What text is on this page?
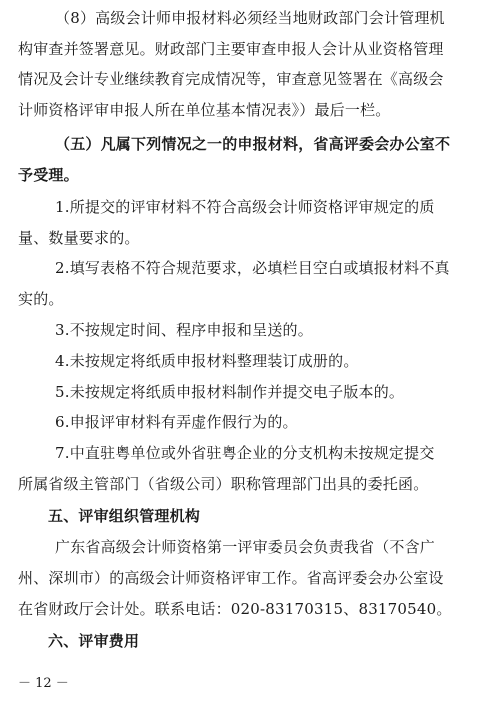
（8）高级会计师申报材料必须经当地财政部门会计管理机
构审查并签署意见。财政部门主要审查申报人会计从业资格管理
情况及会计专业继续教育完成情况等，审查意见签署在《高级会
计师资格评审申报人所在单位基本情况表》）最后一栏。
（五）凡属下列情况之一的申报材料，省高评委会办公室不
予受理。
1.所提交的评审材料不符合高级会计师资格评审规定的质
量、数量要求的。
2.填写表格不符合规范要求，必填栏目空白或填报材料不真
实的。
3.不按规定时间、程序申报和呈送的。
4.未按规定将纸质申报材料整理装订成册的。
5.未按规定将纸质申报材料制作并提交电子版本的。
6.申报评审材料有弄虚作假行为的。
7.中直驻粤单位或外省驻粤企业的分支机构未按规定提交
所属省级主管部门（省级公司）职称管理部门出具的委托函。
五、评审组织管理机构
广东省高级会计师资格第一评审委员会负责我省（不含广
州、深圳市）的高级会计师资格评审工作。省高评委会办公室设
在省财政厅会计处。联系电话：020-83170315、83170540。
六、评审费用
－ 12 －
